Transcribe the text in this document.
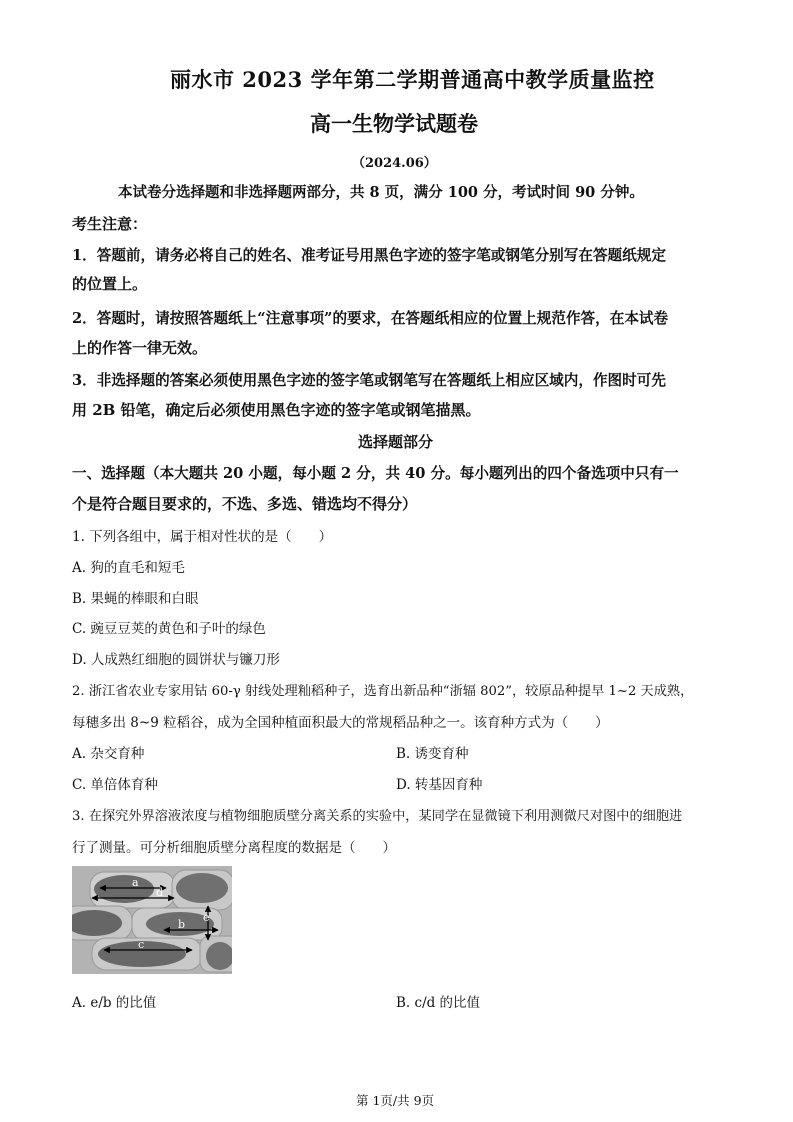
丽水市 2023 学年第二学期普通高中教学质量监控
高一生物学试题卷
（2024.06）
本试卷分选择题和非选择题两部分，共 8 页，满分 100 分，考试时间 90 分钟。
考生注意：
1．答题前，请务必将自己的姓名、准考证号用黑色字迹的签字笔或钢笔分别写在答题纸规定
的位置上。
2．答题时，请按照答题纸上“注意事项”的要求，在答题纸相应的位置上规范作答，在本试卷
上的作答一律无效。
3．非选择题的答案必须使用黑色字迹的签字笔或钢笔写在答题纸上相应区域内，作图时可先
用 2B 铅笔，确定后必须使用黑色字迹的签字笔或钢笔描黑。
选择题部分
一、选择题（本大题共 20 小题，每小题 2 分，共 40 分。每小题列出的四个备选项中只有一
个是符合题目要求的，不选、多选、错选均不得分）
1. 下列各组中，属于相对性状的是（　　）
A. 狗的直毛和短毛
B. 果蝇的棒眼和白眼
C. 豌豆豆荚的黄色和子叶的绿色
D. 人成熟红细胞的圆饼状与镰刀形
2. 浙江省农业专家用钴 60-γ 射线处理籼稻种子，选育出新品种“浙辐 802”，较原品种提早 1~2 天成熟，
每穗多出 8~9 粒稻谷，成为全国种植面积最大的常规稻品种之一。该育种方式为（　　）
A. 杂交育种	B. 诱变育种
C. 单倍体育种	D. 转基因育种
3. 在探究外界溶液浓度与植物细胞质壁分离关系的实验中，某同学在显微镜下利用测微尺对图中的细胞进
行了测量。可分析细胞质壁分离程度的数据是（　　）
a
d
e
b
c
A. e/b 的比值	B. c/d 的比值
第 1页/共 9页
